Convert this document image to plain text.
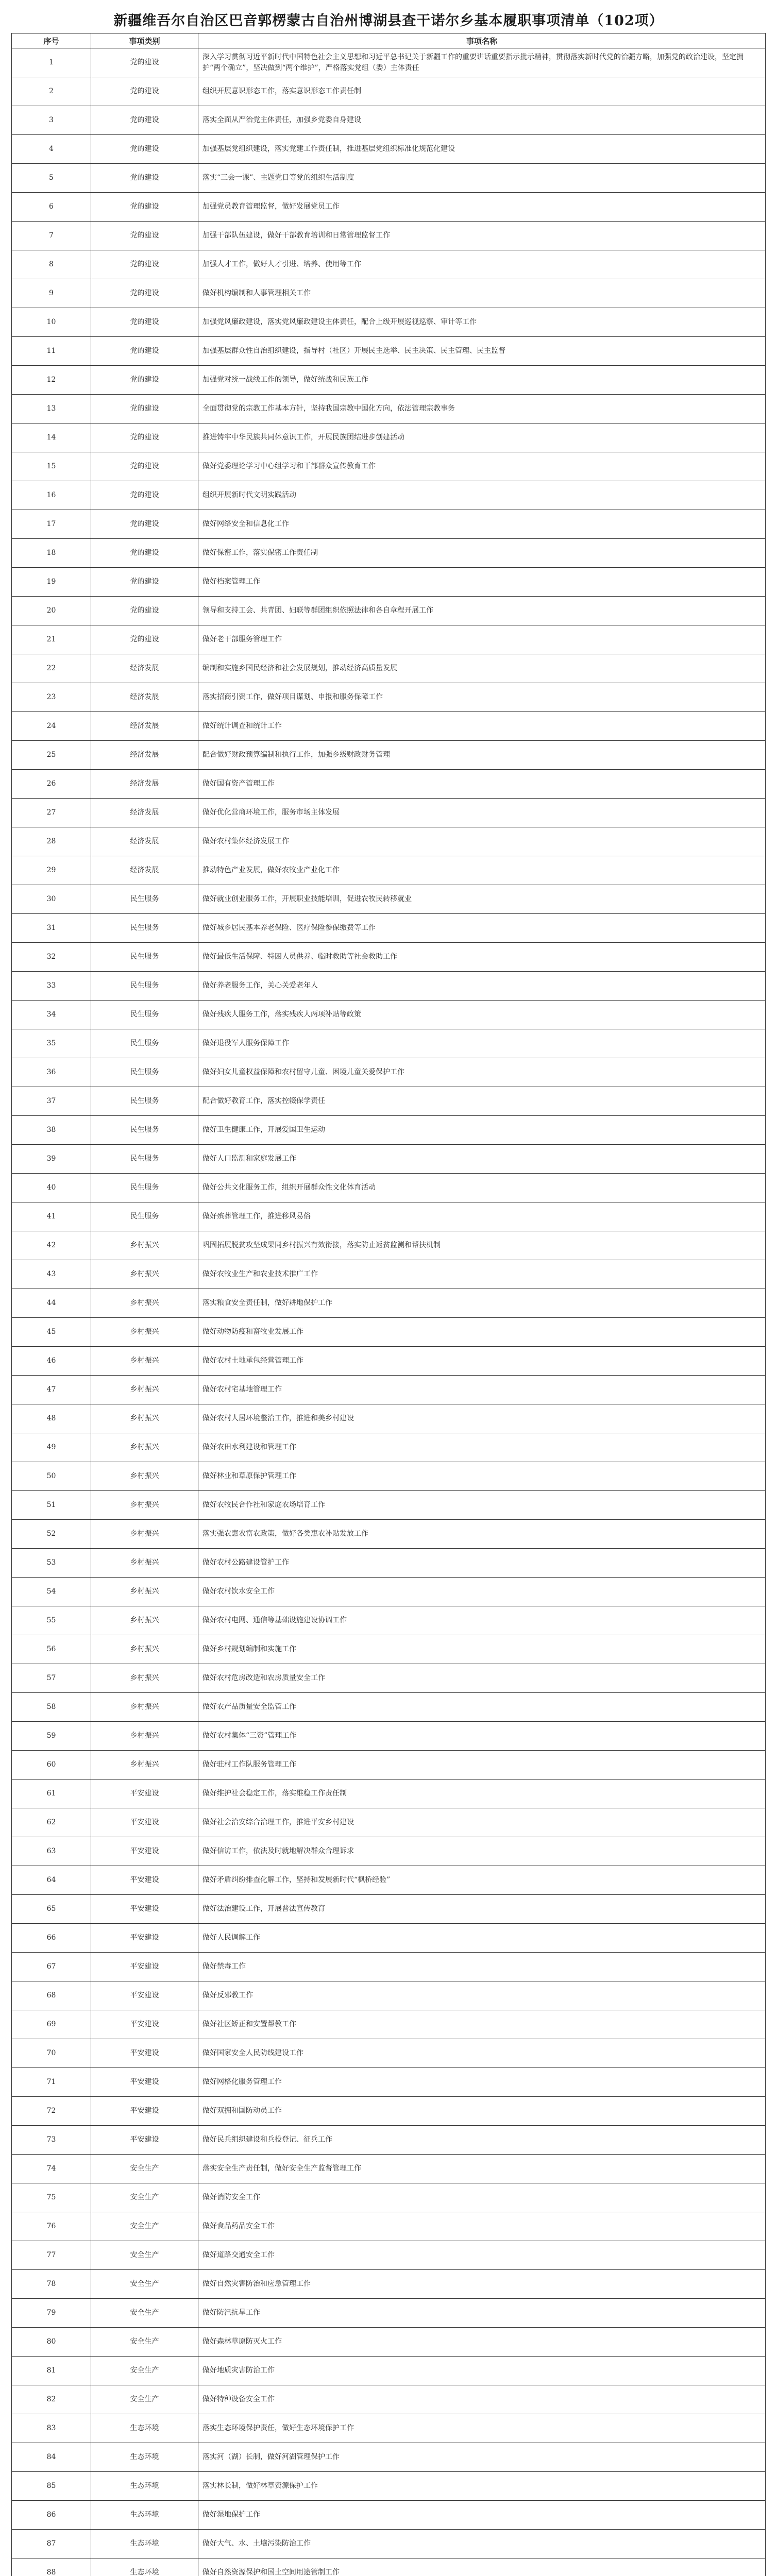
新疆维吾尔自治区巴音郭楞蒙古自治州博湖县查干诺尔乡基本履职事项清单（102项）
序号	事项类别	事项名称
1	党的建设	深入学习贯彻习近平新时代中国特色社会主义思想和习近平总书记关于新疆工作的重要讲话重要指示批示精神，贯彻落实新时代党的治疆方略，加强党的政治建设，坚定拥护“两个确立”，坚决做到“两个维护”，严格落实党组（委）主体责任
2	党的建设	组织开展意识形态工作，落实意识形态工作责任制
3	党的建设	落实全面从严治党主体责任，加强乡党委自身建设
4	党的建设	加强基层党组织建设，落实党建工作责任制，推进基层党组织标准化规范化建设
5	党的建设	落实“三会一课”、主题党日等党的组织生活制度
6	党的建设	加强党员教育管理监督，做好发展党员工作
7	党的建设	加强干部队伍建设，做好干部教育培训和日常管理监督工作
8	党的建设	加强人才工作，做好人才引进、培养、使用等工作
9	党的建设	做好机构编制和人事管理相关工作
10	党的建设	加强党风廉政建设，落实党风廉政建设主体责任，配合上级开展巡视巡察、审计等工作
11	党的建设	加强基层群众性自治组织建设，指导村（社区）开展民主选举、民主决策、民主管理、民主监督
12	党的建设	加强党对统一战线工作的领导，做好统战和民族工作
13	党的建设	全面贯彻党的宗教工作基本方针，坚持我国宗教中国化方向，依法管理宗教事务
14	党的建设	推进铸牢中华民族共同体意识工作，开展民族团结进步创建活动
15	党的建设	做好党委理论学习中心组学习和干部群众宣传教育工作
16	党的建设	组织开展新时代文明实践活动
17	党的建设	做好网络安全和信息化工作
18	党的建设	做好保密工作，落实保密工作责任制
19	党的建设	做好档案管理工作
20	党的建设	领导和支持工会、共青团、妇联等群团组织依照法律和各自章程开展工作
21	党的建设	做好老干部服务管理工作
22	经济发展	编制和实施乡国民经济和社会发展规划，推动经济高质量发展
23	经济发展	落实招商引资工作，做好项目谋划、申报和服务保障工作
24	经济发展	做好统计调查和统计工作
25	经济发展	配合做好财政预算编制和执行工作，加强乡级财政财务管理
26	经济发展	做好国有资产管理工作
27	经济发展	做好优化营商环境工作，服务市场主体发展
28	经济发展	做好农村集体经济发展工作
29	经济发展	推动特色产业发展，做好农牧业产业化工作
30	民生服务	做好就业创业服务工作，开展职业技能培训，促进农牧民转移就业
31	民生服务	做好城乡居民基本养老保险、医疗保险参保缴费等工作
32	民生服务	做好最低生活保障、特困人员供养、临时救助等社会救助工作
33	民生服务	做好养老服务工作，关心关爱老年人
34	民生服务	做好残疾人服务工作，落实残疾人两项补贴等政策
35	民生服务	做好退役军人服务保障工作
36	民生服务	做好妇女儿童权益保障和农村留守儿童、困境儿童关爱保护工作
37	民生服务	配合做好教育工作，落实控辍保学责任
38	民生服务	做好卫生健康工作，开展爱国卫生运动
39	民生服务	做好人口监测和家庭发展工作
40	民生服务	做好公共文化服务工作，组织开展群众性文化体育活动
41	民生服务	做好殡葬管理工作，推进移风易俗
42	乡村振兴	巩固拓展脱贫攻坚成果同乡村振兴有效衔接，落实防止返贫监测和帮扶机制
43	乡村振兴	做好农牧业生产和农业技术推广工作
44	乡村振兴	落实粮食安全责任制，做好耕地保护工作
45	乡村振兴	做好动物防疫和畜牧业发展工作
46	乡村振兴	做好农村土地承包经营管理工作
47	乡村振兴	做好农村宅基地管理工作
48	乡村振兴	做好农村人居环境整治工作，推进和美乡村建设
49	乡村振兴	做好农田水利建设和管理工作
50	乡村振兴	做好林业和草原保护管理工作
51	乡村振兴	做好农牧民合作社和家庭农场培育工作
52	乡村振兴	落实强农惠农富农政策，做好各类惠农补贴发放工作
53	乡村振兴	做好农村公路建设管护工作
54	乡村振兴	做好农村饮水安全工作
55	乡村振兴	做好农村电网、通信等基础设施建设协调工作
56	乡村振兴	做好乡村规划编制和实施工作
57	乡村振兴	做好农村危房改造和农房质量安全工作
58	乡村振兴	做好农产品质量安全监管工作
59	乡村振兴	做好农村集体“三资”管理工作
60	乡村振兴	做好驻村工作队服务管理工作
61	平安建设	做好维护社会稳定工作，落实维稳工作责任制
62	平安建设	做好社会治安综合治理工作，推进平安乡村建设
63	平安建设	做好信访工作，依法及时就地解决群众合理诉求
64	平安建设	做好矛盾纠纷排查化解工作，坚持和发展新时代“枫桥经验”
65	平安建设	做好法治建设工作，开展普法宣传教育
66	平安建设	做好人民调解工作
67	平安建设	做好禁毒工作
68	平安建设	做好反邪教工作
69	平安建设	做好社区矫正和安置帮教工作
70	平安建设	做好国家安全人民防线建设工作
71	平安建设	做好网格化服务管理工作
72	平安建设	做好双拥和国防动员工作
73	平安建设	做好民兵组织建设和兵役登记、征兵工作
74	安全生产	落实安全生产责任制，做好安全生产监督管理工作
75	安全生产	做好消防安全工作
76	安全生产	做好食品药品安全工作
77	安全生产	做好道路交通安全工作
78	安全生产	做好自然灾害防治和应急管理工作
79	安全生产	做好防汛抗旱工作
80	安全生产	做好森林草原防灭火工作
81	安全生产	做好地质灾害防治工作
82	安全生产	做好特种设备安全工作
83	生态环境	落实生态环境保护责任，做好生态环境保护工作
84	生态环境	落实河（湖）长制，做好河湖管理保护工作
85	生态环境	落实林长制，做好林草资源保护工作
86	生态环境	做好湿地保护工作
87	生态环境	做好大气、水、土壤污染防治工作
88	生态环境	做好自然资源保护和国土空间用途管制工作
